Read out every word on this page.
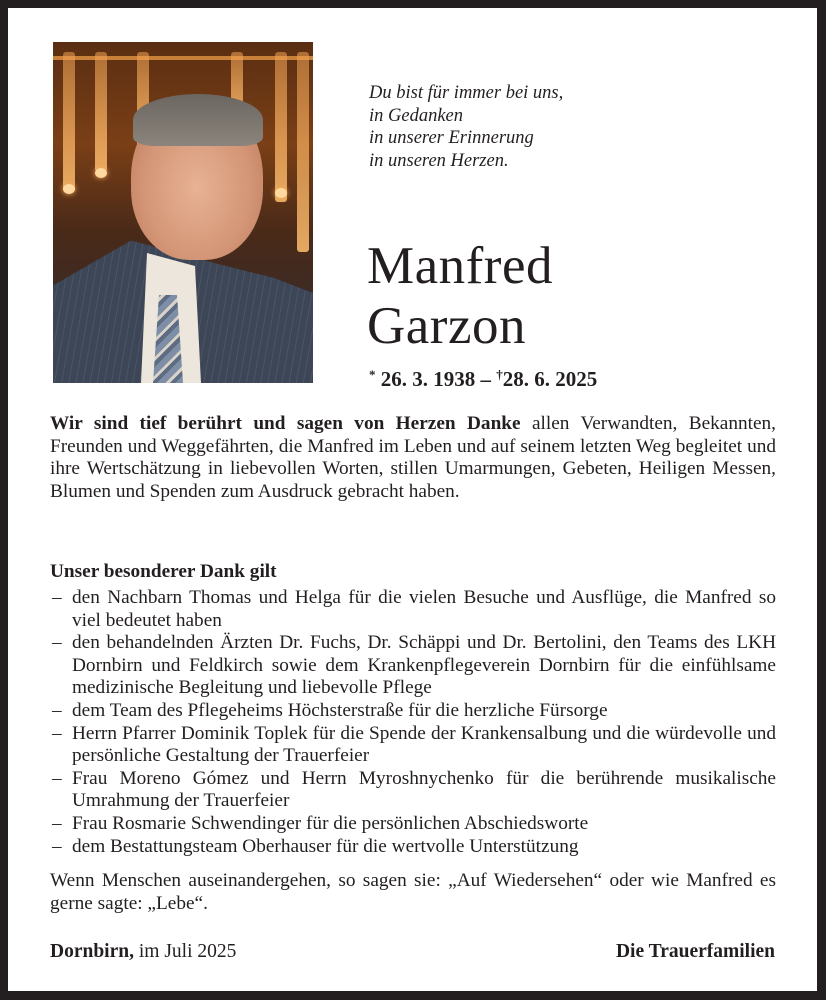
Du bist für immer bei uns,
in Gedanken
in unserer Erinnerung
in unseren Herzen.
Manfred
Garzon
* 26. 3. 1938 – †28. 6. 2025
Wir sind tief berührt und sagen von Herzen Danke allen Verwandten, Bekannten, Freunden und Weggefährten, die Manfred im Leben und auf seinem letzten Weg begleitet und ihre Wertschätzung in liebevollen Worten, stillen Umarmungen, Gebeten, Heiligen Messen, Blumen und Spenden zum Ausdruck gebracht haben.
Unser besonderer Dank gilt
– den Nachbarn Thomas und Helga für die vielen Besuche und Ausflüge, die Manfred so viel bedeutet haben
– den behandelnden Ärzten Dr. Fuchs, Dr. Schäppi und Dr. Bertolini, den Teams des LKH Dornbirn und Feldkirch sowie dem Krankenpflegeverein Dornbirn für die einfühlsame medizinische Begleitung und liebevolle Pflege
– dem Team des Pflegeheims Höchsterstraße für die herzliche Fürsorge
– Herrn Pfarrer Dominik Toplek für die Spende der Krankensalbung und die würdevolle und persönliche Gestaltung der Trauerfeier
– Frau Moreno Gómez und Herrn Myroshnychenko für die berührende musikalische Umrahmung der Trauerfeier
– Frau Rosmarie Schwendinger für die persönlichen Abschiedsworte
– dem Bestattungsteam Oberhauser für die wertvolle Unterstützung
Wenn Menschen auseinandergehen, so sagen sie: „Auf Wiedersehen“ oder wie Manfred es gerne sagte: „Lebe“.
Dornbirn, im Juli 2025	Die Trauerfamilien
